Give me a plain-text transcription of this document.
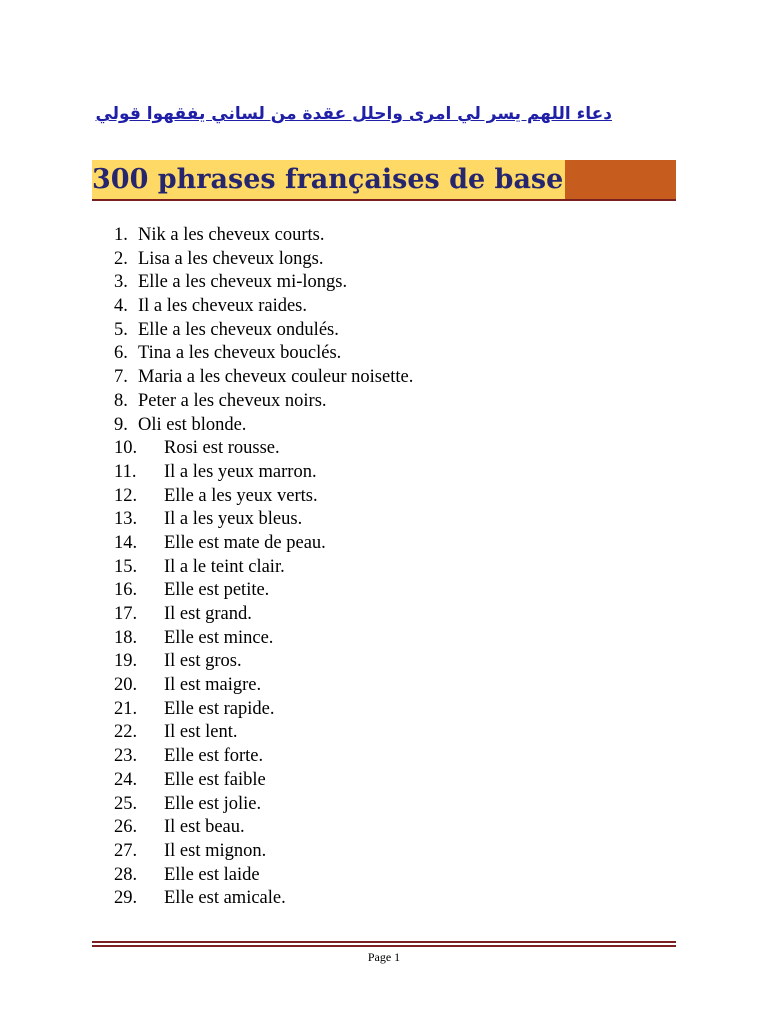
دعاء اللهم يسر لي امرى واحلل عقدة من لساني يفقهوا قولي
300 phrases françaises de base
1. Nik a les cheveux courts.
2. Lisa a les cheveux longs.
3. Elle a les cheveux mi-longs.
4. Il a les cheveux raides.
5. Elle a les cheveux ondulés.
6. Tina a les cheveux bouclés.
7. Maria a les cheveux couleur noisette.
8. Peter a les cheveux noirs.
9. Oli est blonde.
10. Rosi est rousse.
11. Il a les yeux marron.
12. Elle a les yeux verts.
13. Il a les yeux bleus.
14. Elle est mate de peau.
15. Il a le teint clair.
16. Elle est petite.
17. Il est grand.
18. Elle est mince.
19. Il est gros.
20. Il est maigre.
21. Elle est rapide.
22. Il est lent.
23. Elle est forte.
24. Elle est faible
25. Elle est jolie.
26. Il est beau.
27. Il est mignon.
28. Elle est laide
29. Elle est amicale.
Page 1
